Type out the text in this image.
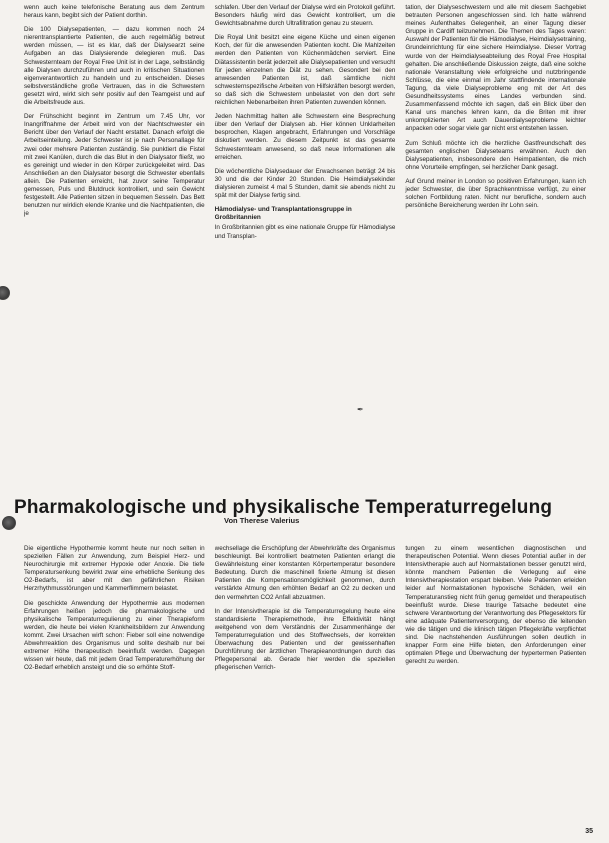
✒

wenn auch keine telefonische Beratung aus dem Zentrum heraus kann, begibt sich der Patient dorthin.

Die 100 Dialysepatienten, — dazu kommen noch 24 nierentransplantierte Patienten, die auch regelmäßig betreut werden müssen, — ist es klar, daß der Dialysearzt seine Aufgaben an das Dialysierende delegieren muß. Das Schwesternteam der Royal Free Unit ist in der Lage, selbständig alle Dialysen durchzuführen und auch in kritischen Situationen eigenverantwortlich zu handeln und zu entscheiden. Dieses selbstverständliche große Vertrauen, das in die Schwestern gesetzt wird, wirkt sich sehr positiv auf den Teamgeist und auf die Arbeitsfreude aus.

Der Frühschicht beginnt im Zentrum um 7.45 Uhr, vor Inangriffnahme der Arbeit wird von der Nachtschwester ein Bericht über den Verlauf der Nacht erstattet. Danach erfolgt die Arbeitseinteilung. Jeder Schwester ist je nach Personallage für zwei oder mehrere Patienten zuständig. Sie punktiert die Fistel mit zwei Kanülen, durch die das Blut in den Dialysator fließt, wo es gereinigt und wieder in den Körper zurückgeleitet wird. Das Anschließen an den Dialysator besorgt die Schwester ebenfalls allein. Die Patienten erreicht, hat zuvor seine Temperatur gemessen, Puls und Blutdruck kontrolliert, und sein Gewicht festgestellt. Alle Patienten sitzen in bequemen Sesseln. Das Bett benutzen nur wirklich elende Kranke und die Nachtpatienten, die je

schlafen. Über den Verlauf der Dialyse wird ein Protokoll geführt. Besonders häufig wird das Gewicht kontrolliert, um die Gewichtsabnahme durch Ultrafiltration genau zu steuern.

Die Royal Unit besitzt eine eigene Küche und einen eigenen Koch, der für die anwesenden Patienten kocht. Die Mahlzeiten werden den Patienten von Küchenmädchen serviert. Eine Diätassistentin berät jederzeit alle Dialysepatienten und versucht für jeden einzelnen die Diät zu sehen. Gesondert bei den anwesenden Patienten ist, daß sämtliche nicht schwesternspezifische Arbeiten von Hilfskräften besorgt werden, so daß sich die Schwestern unbelastet von den dort sehr reichlichen Nebenarbeiten ihren Patienten zuwenden können.

Jeden Nachmittag halten alle Schwestern eine Besprechung über den Verlauf der Dialysen ab. Hier können Unklarheiten besprochen, Klagen angebracht, Erfahrungen und Vorschläge diskutiert werden. Zu diesem Zeitpunkt ist das gesamte Schwesternteam anwesend, so daß neue Informationen alle erreichen.

Die wöchentliche Dialysedauer der Erwachsenen beträgt 24 bis 30 und die der Kinder 20 Stunden. Die Heimdialysekinder dialysieren zumeist 4 mal 5 Stunden, damit sie abends nicht zu spät mit der Dialyse fertig sind.

Hämodialyse- und Transplantationsgruppe in Großbritannien

In Großbritannien gibt es eine nationale Gruppe für Hämodialyse und Transplan-

tation, der Dialyseschwestern und alle mit diesem Sachgebiet betrauten Personen angeschlossen sind. Ich hatte während meines Aufenthaltes Gelegenheit, an einer Tagung dieser Gruppe in Cardiff teilzunehmen. Die Themen des Tages waren: Auswahl der Patienten für die Hämodialyse, Heimdialysetraining, Grundeinrichtung für eine sichere Heimdialyse. Dieser Vortrag wurde von der Heimdialyseabteilung des Royal Free Hospital gehalten. Die anschließende Diskussion zeigte, daß eine solche nationale Veranstaltung viele erfolgreiche und nutzbringende Schlüsse, die eine einmal im Jahr stattfindende internationale Tagung, da viele Dialyseprobleme eng mit der Art des Gesundheitssystems eines Landes verbunden sind. Zusammenfassend möchte ich sagen, daß ein Blick über den Kanal uns manches lehren kann, da die Briten mit ihrer unkomplizierten Art auch Dauerdialyseprobleme leichter anpacken oder sogar viele gar nicht erst entstehen lassen.

Zum Schluß möchte ich die herzliche Gastfreundschaft des gesamten englischen Dialyseteams erwähnen. Auch den Dialysepatienten, insbesondere den Heimpatienten, die mich ohne Vorurteile empfingen, sei herzlicher Dank gesagt.

Auf Grund meiner in London so positiven Erfahrungen, kann ich jeder Schwester, die über Sprachkenntnisse verfügt, zu einer solchen Fortbildung raten. Nicht nur berufliche, sondern auch persönliche Bereicherung werden ihr Lohn sein.

Pharmakologische und physikalische Temperaturregelung
Von Therese Valerius

Die eigentliche Hypothermie kommt heute nur noch selten in speziellen Fällen zur Anwendung, zum Beispiel Herz- und Neurochirurgie mit extremer Hypoxie oder Anoxie. Die tiefe Temperatursenkung bewirkt zwar eine erhebliche Senkung des O2-Bedarfs, ist aber mit den gefährlichen Risiken Herzrhythmusstörungen und Kammerflimmern belastet.

Die geschickte Anwendung der Hypothermie aus modernen Erfahrungen heißen jedoch die pharmakologische und physikalische Temperaturregulierung zu einer Therapieform werden, die heute bei vielen Krankheitsbildern zur Anwendung kommt. Zwei Ursachen wirft schon: Fieber soll eine notwendige Abwehrreaktion des Organismus und sollte deshalb nur bei extremer Höhe therapeutisch beeinflußt werden. Dagegen wissen wir heute, daß mit jedem Grad Temperaturerhöhung der O2-Bedarf erheblich ansteigt und die so erhöhte Stoff-

wechsellage die Erschöpfung der Abwehrkräfte des Organismus beschleunigt. Bei kontrolliert beatmeten Patienten erlangt die Gewährleistung einer konstanten Körpertemperatur besondere Bedeutung. Durch die maschinell fixierte Atmung ist diesen Patienten die Kompensationsmöglichkeit genommen, durch verstärkte Atmung den erhöhten Bedarf an O2 zu decken und den vermehrten CO2 Anfall abzuatmen.

In der Intensivtherapie ist die Temperaturregelung heute eine standardisierte Therapiemethode, ihre Effektivität hängt weitgehend von dem Verständnis der Zusammenhänge der Temperaturregulation und des Stoffwechsels, der korrekten Überwachung des Patienten und der gewissenhaften Durchführung der ärztlichen Therapieanordnungen durch das Pflegepersonal ab. Gerade hier werden die speziellen pflegerischen Verrich-

tungen zu einem wesentlichen diagnostischen und therapeutischen Potential. Wenn dieses Potential außer in der Intensivtherapie auch auf Normalstationen besser genutzt wird, könnte manchem Patienten die Verlegung auf eine Intensivtherapiestation erspart bleiben. Viele Patienten erleiden leider auf Normalstationen hypoxische Schäden, weil ein Temperaturanstieg nicht früh genug gemeldet und therapeutisch beeinflußt wurde. Diese traurige Tatsache bedeutet eine schwere Verantwortung der Verantwortung des Pflegesektors für eine adäquate Patientenversorgung, der ebenso die leitenden wie die tätigen und die klinisch tätigen Pflegekräfte verpflichtet sind. Die nachstehenden Ausführungen sollen deutlich in knapper Form eine Hilfe bieten, den Anforderungen einer optimalen Pflege und Überwachung der hypertermen Patienten gerecht zu werden.

35
